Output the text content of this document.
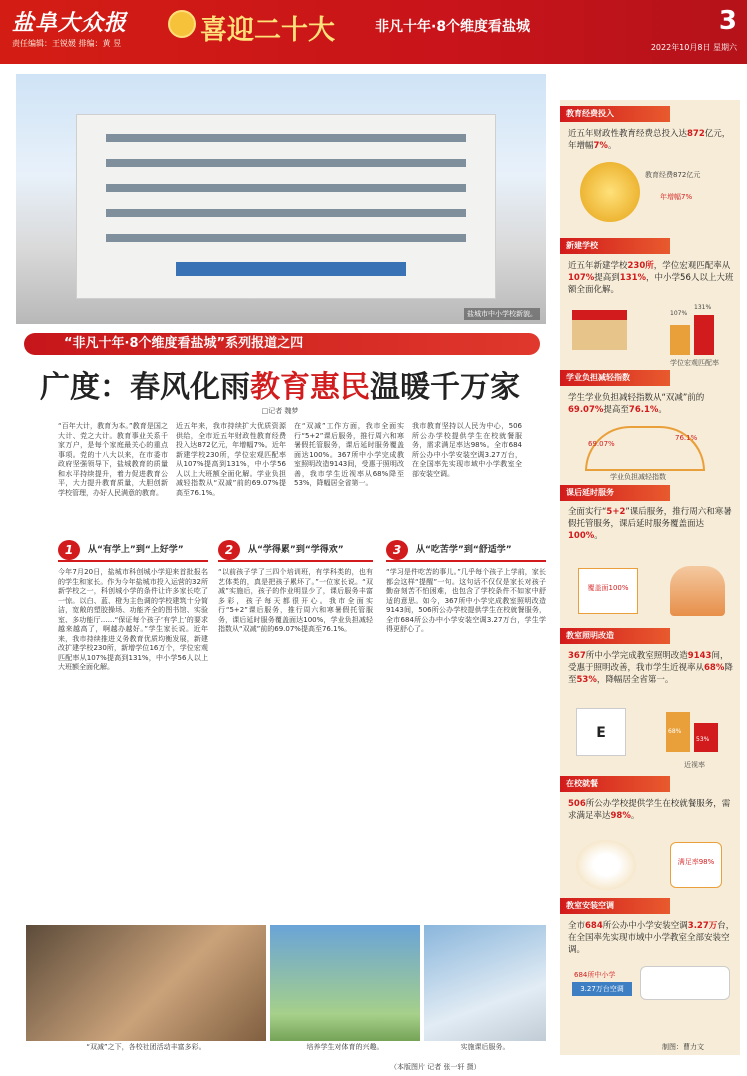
盐阜大众报
责任编辑：王锐媛 排编：黄 昱	喜迎二十大	非凡十年·8个维度看盐城	3
2022年10月8日 星期六
盐城市中小学校新貌。
“非凡十年·8个维度看盐城”系列报道之四
广度：春风化雨教育惠民温暖千万家
□记者 魏梦
“百年大计，教育为本。”教育是国之大计、党之大计。教育事业关系千家万户，是每个家庭最关心的重点事项。党的十八大以来，在市委市政府坚强领导下，盐城教育的质量和水平持续提升，着力促进教育公平，大力提升教育质量，大胆创新学校管理，办好人民满意的教育。
近五年来，我市持续扩大优质资源供给，全市近五年财政性教育经费投入达872亿元，年增幅7%。近年新建学校230所，学位宏观匹配率从107%提高到131%，中小学56人以上大班额全面化解。学业负担减轻指数从“双减”前的69.07%提高至76.1%。
在“双减”工作方面，我市全面实行“5+2”课后服务，推行周六和寒暑假托管服务，课后延时服务覆盖面达100%。367所中小学完成教室照明改造9143间，受惠于照明改善，我市学生近视率从68%降至53%，降幅居全省第一。
我市教育坚持以人民为中心，506所公办学校提供学生在校就餐服务，需求满足率达98%。全市684所公办中小学安装空调3.27万台，在全国率先实现市域中小学教室全部安装空调。
1	从“有学上”到“上好学”
今年7月20日，盐城市科创城小学迎来首批报名的学生和家长。作为今年盐城市投入运营的32所新学校之一，科创城小学的条件让许多家长吃了一惊。以白、蓝、橙为主色调的学校建筑十分简洁，宽敞的塑胶操场、功能齐全的图书馆、实验室、多功能厅……“保证每个孩子‘有学上’的要求越来越高了，啊越办越好。”学生家长说。近年来，我市持续推进义务教育优质均衡发展，新建改扩建学校230所，新增学位16万个，学位宏观匹配率从107%提高到131%，中小学56人以上大班额全面化解。
2	从“学得累”到“学得欢”
“以前孩子学了三四个培训班，有学科类的，也有艺体类的，真是把孩子累坏了。”一位家长说。“双减”实施后，孩子的作业明显少了，课后服务丰富多彩，孩子每天都很开心。我市全面实行“5+2”课后服务，推行周六和寒暑假托管服务，课后延时服务覆盖面达100%，学业负担减轻指数从“双减”前的69.07%提高至76.1%。
3	从“吃苦学”到“舒适学”
“学习是件吃苦的事儿。”几乎每个孩子上学前，家长都会这样“提醒”一句。这句话不仅仅是家长对孩子勤奋刻苦不怕困难，也包含了学校条件不如家中舒适的意思。如今，367所中小学完成教室照明改造9143间，506所公办学校提供学生在校就餐服务，全市684所公办中小学安装空调3.27万台，学生学得更舒心了。
“双减”之下，各校社团活动丰富多彩。	培养学生对体育的兴趣。	实施课后服务。
（本版图片 记者 张一轩 摄）
教育经费投入
近五年财政性教育经费总投入达872亿元，年增幅7%。
教育经费872亿元
年增幅7%
新建学校
近五年新建学校230所，学位宏观匹配率从107%提高到131%，中小学56人以上大班额全面化解。
107%
131%
学位宏观匹配率
学业负担减轻指数
学生学业负担减轻指数从“双减”前的69.07%提高至76.1%。
69.07%
76.1%
学业负担减轻指数
课后延时服务
全面实行“5+2”课后服务，推行周六和寒暑假托管服务，课后延时服务覆盖面达100%。
覆盖面100%
教室照明改造
367所中小学完成教室照明改造9143间，受惠于照明改善，我市学生近视率从68%降至53%，降幅居全省第一。
E	68%
53%
近视率
在校就餐
506所公办学校提供学生在校就餐服务，需求满足率达98%。
满足率98%
教室安装空调
全市684所公办中小学安装空调3.27万台，在全国率先实现市域中小学教室全部安装空调。
684所中小学
3.27万台空调
制图：曹力文
